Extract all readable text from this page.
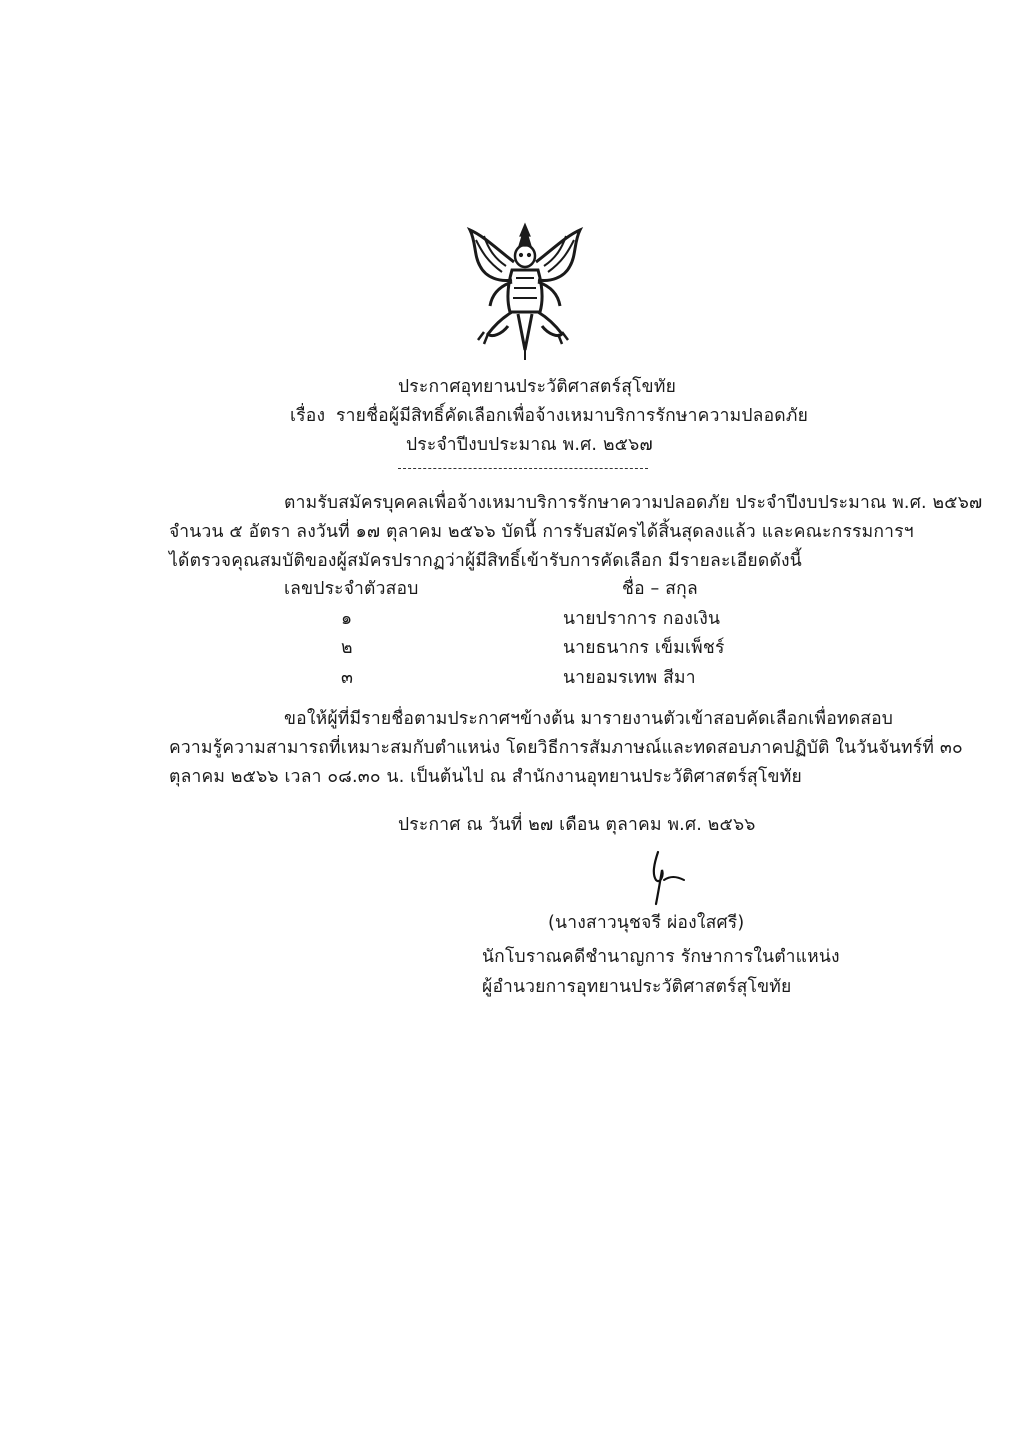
ประกาศอุทยานประวัติศาสตร์สุโขทัย
เรื่อง รายชื่อผู้มีสิทธิ์คัดเลือกเพื่อจ้างเหมาบริการรักษาความปลอดภัย
ประจำปีงบประมาณ พ.ศ. ๒๕๖๗
ตามรับสมัครบุคคลเพื่อจ้างเหมาบริการรักษาความปลอดภัย ประจำปีงบประมาณ พ.ศ. ๒๕๖๗
จำนวน ๕ อัตรา ลงวันที่ ๑๗ ตุลาคม ๒๕๖๖ บัดนี้ การรับสมัครได้สิ้นสุดลงแล้ว และคณะกรรมการฯ
ได้ตรวจคุณสมบัติของผู้สมัครปรากฏว่าผู้มีสิทธิ์เข้ารับการคัดเลือก มีรายละเอียดดังนี้
เลขประจำตัวสอบ	ชื่อ – สกุล
๑	นายปราการ กองเงิน
๒	นายธนากร เข็มเพ็ชร์
๓	นายอมรเทพ สีมา
ขอให้ผู้ที่มีรายชื่อตามประกาศฯข้างต้น มารายงานตัวเข้าสอบคัดเลือกเพื่อทดสอบ
ความรู้ความสามารถที่เหมาะสมกับตำแหน่ง โดยวิธีการสัมภาษณ์และทดสอบภาคปฏิบัติ ในวันจันทร์ที่ ๓๐
ตุลาคม ๒๕๖๖ เวลา ๐๘.๓๐ น. เป็นต้นไป ณ สำนักงานอุทยานประวัติศาสตร์สุโขทัย
ประกาศ ณ วันที่ ๒๗ เดือน ตุลาคม พ.ศ. ๒๕๖๖
(นางสาวนุชจรี ผ่องใสศรี)
นักโบราณคดีชำนาญการ รักษาการในตำแหน่ง
ผู้อำนวยการอุทยานประวัติศาสตร์สุโขทัย
